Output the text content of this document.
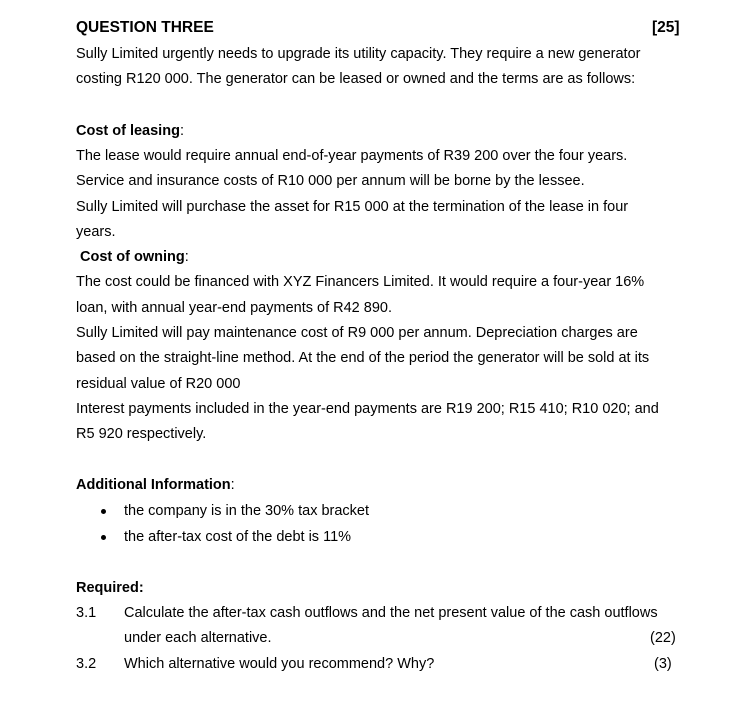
QUESTION THREE	[25]
Sully Limited urgently needs to upgrade its utility capacity. They require a new generator
costing R120 000. The generator can be leased or owned and the terms are as follows:
Cost of leasing:
The lease would require annual end-of-year payments of R39 200 over the four years.
Service and insurance costs of R10 000 per annum will be borne by the lessee.
Sully Limited will purchase the asset for R15 000 at the termination of the lease in four
years.
Cost of owning:
The cost could be financed with XYZ Financers Limited. It would require a four-year 16%
loan, with annual year-end payments of R42 890.
Sully Limited will pay maintenance cost of R9 000 per annum. Depreciation charges are
based on the straight-line method. At the end of the period the generator will be sold at its
residual value of R20 000
Interest payments included in the year-end payments are R19 200; R15 410; R10 020; and
R5 920 respectively.
Additional Information:
the company is in the 30% tax bracket
the after-tax cost of the debt is 11%
Required:
3.1 Calculate the after-tax cash outflows and the net present value of the cash outflows
under each alternative.	(22)
3.2 Which alternative would you recommend? Why?	(3)
